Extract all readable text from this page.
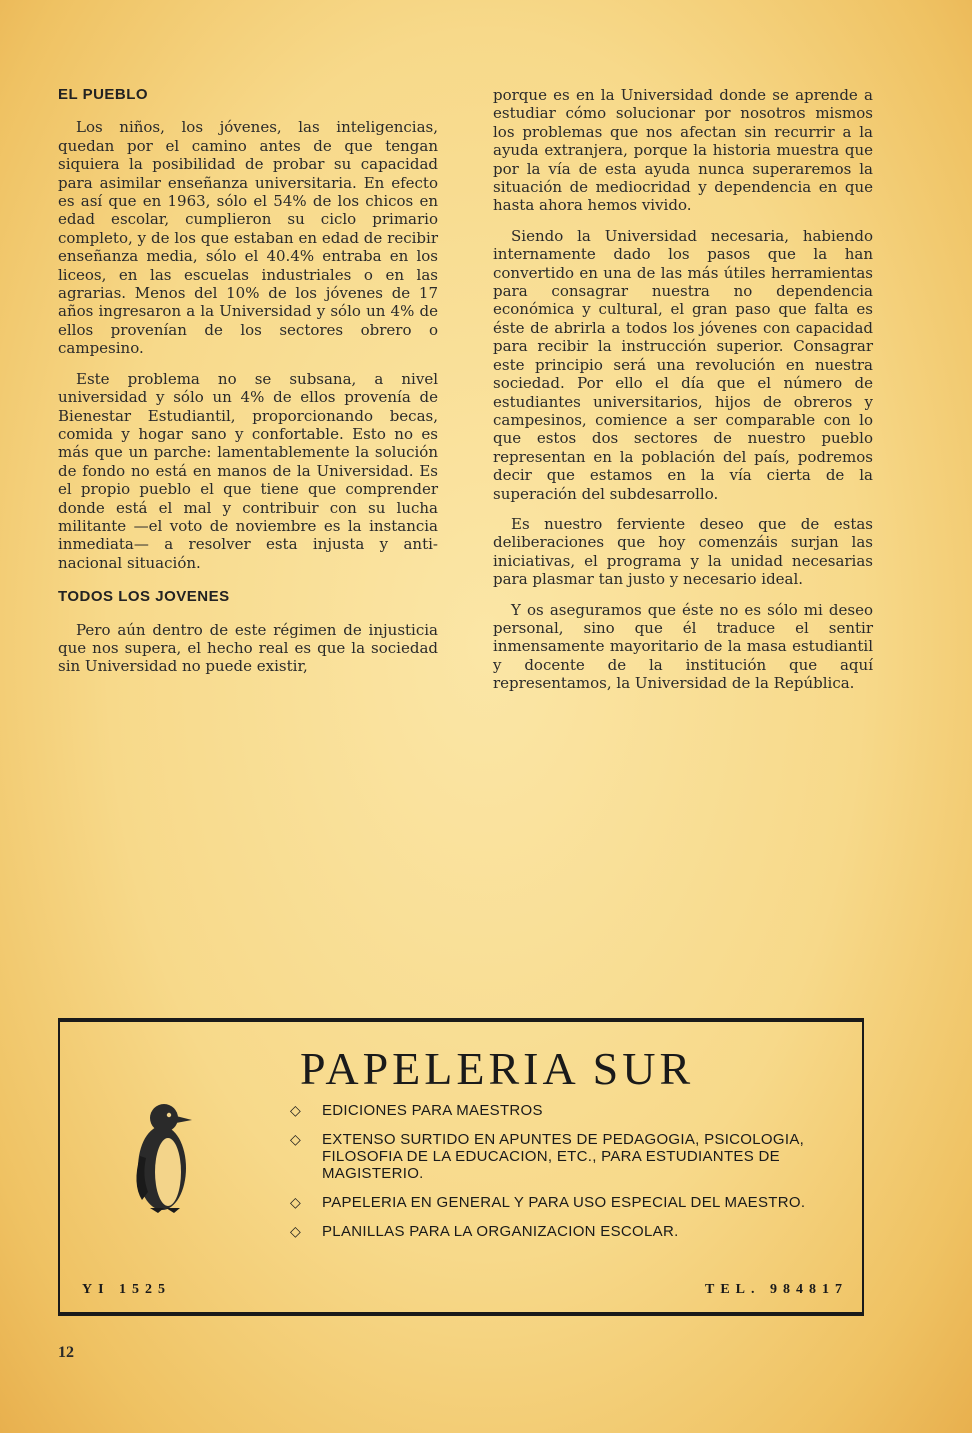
EL PUEBLO

Los niños, los jóvenes, las inteligencias, quedan por el camino antes de que tengan siquiera la posibilidad de probar su capacidad para asimilar enseñanza universitaria. En efecto es así que en 1963, sólo el 54% de los chicos en edad escolar, cumplieron su ciclo primario completo, y de los que estaban en edad de recibir enseñanza media, sólo el 40.4% entraba en los liceos, en las escuelas industriales o en las agrarias. Menos del 10% de los jóvenes de 17 años ingresaron a la Universidad y sólo un 4% de ellos provenían de los sectores obrero o campesino.

Este problema no se subsana, a nivel universidad y sólo un 4% de ellos provenía de Bienestar Estudiantil, proporcionando becas, comida y hogar sano y confortable. Esto no es más que un parche: lamentablemente la solución de fondo no está en manos de la Universidad. Es el propio pueblo el que tiene que comprender donde está el mal y contribuir con su lucha militante —el voto de noviembre es la instancia inmediata— a resolver esta injusta y anti-nacional situación.

TODOS LOS JOVENES

Pero aún dentro de este régimen de injusticia que nos supera, el hecho real es que la sociedad sin Universidad no puede existir,

porque es en la Universidad donde se aprende a estudiar cómo solucionar por nosotros mismos los problemas que nos afectan sin recurrir a la ayuda extranjera, porque la historia muestra que por la vía de esta ayuda nunca superaremos la situación de mediocridad y dependencia en que hasta ahora hemos vivido.

Siendo la Universidad necesaria, habiendo internamente dado los pasos que la han convertido en una de las más útiles herramientas para consagrar nuestra no dependencia económica y cultural, el gran paso que falta es éste de abrirla a todos los jóvenes con capacidad para recibir la instrucción superior. Consagrar este principio será una revolución en nuestra sociedad. Por ello el día que el número de estudiantes universitarios, hijos de obreros y campesinos, comience a ser comparable con lo que estos dos sectores de nuestro pueblo representan en la población del país, podremos decir que estamos en la vía cierta de la superación del subdesarrollo.

Es nuestro ferviente deseo que de estas deliberaciones que hoy comenzáis surjan las iniciativas, el programa y la unidad necesarias para plasmar tan justo y necesario ideal.

Y os aseguramos que éste no es sólo mi deseo personal, sino que él traduce el sentir inmensamente mayoritario de la masa estudiantil y docente de la institución que aquí representamos, la Universidad de la República.

PAPELERIA SUR

◇ EDICIONES PARA MAESTROS
◇ EXTENSO SURTIDO EN APUNTES DE PEDAGOGIA, PSICOLOGIA, FILOSOFIA DE LA EDUCACION, ETC., PARA ESTUDIANTES DE MAGISTERIO.
◇ PAPELERIA EN GENERAL Y PARA USO ESPECIAL DEL MAESTRO.
◇ PLANILLAS PARA LA ORGANIZACION ESCOLAR.
YI 1525	TEL. 984817
12
